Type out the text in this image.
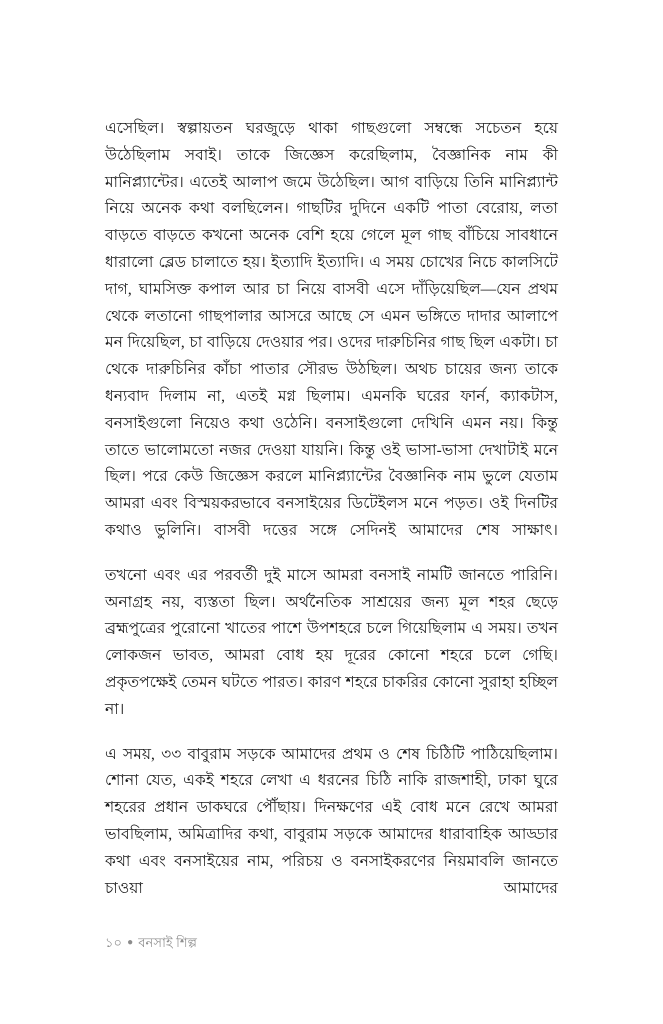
এসেছিল। স্বল্পায়তন ঘরজুড়ে থাকা গাছগুলো সম্বন্ধে সচেতন হয়ে উঠেছিলাম সবাই। তাকে জিজ্ঞেস করেছিলাম, বৈজ্ঞানিক নাম কী মানিপ্ল্যান্টের। এতেই আলাপ জমে উঠেছিল। আগ বাড়িয়ে তিনি মানিপ্ল্যান্ট নিয়ে অনেক কথা বলছিলেন। গাছটির দুদিনে একটি পাতা বেরোয়, লতা বাড়তে বাড়তে কখনো অনেক বেশি হয়ে গেলে মূল গাছ বাঁচিয়ে সাবধানে ধারালো ব্লেড চালাতে হয়। ইত্যাদি ইত্যাদি। এ সময় চোখের নিচে কালসিটে দাগ, ঘামসিক্ত কপাল আর চা নিয়ে বাসবী এসে দাঁড়িয়েছিল—যেন প্রথম থেকে লতানো গাছপালার আসরে আছে সে এমন ভঙ্গিতে দাদার আলাপে মন দিয়েছিল, চা বাড়িয়ে দেওয়ার পর। ওদের দারুচিনির গাছ ছিল একটা। চা থেকে দারুচিনির কাঁচা পাতার সৌরভ উঠছিল। অথচ চায়ের জন্য তাকে ধন্যবাদ দিলাম না, এতই মগ্ন ছিলাম। এমনকি ঘরের ফার্ন, ক্যাকটাস, বনসাইগুলো নিয়েও কথা ওঠেনি। বনসাইগুলো দেখিনি এমন নয়। কিন্তু তাতে ভালোমতো নজর দেওয়া যায়নি। কিন্তু ওই ভাসা-ভাসা দেখাটাই মনে ছিল। পরে কেউ জিজ্ঞেস করলে মানিপ্ল্যান্টের বৈজ্ঞানিক নাম ভুলে যেতাম আমরা এবং বিস্ময়করভাবে বনসাইয়ের ডিটেইলস মনে পড়ত। ওই দিনটির কথাও ভুলিনি। বাসবী দত্তের সঙ্গে সেদিনই আমাদের শেষ সাক্ষাৎ।

তখনো এবং এর পরবর্তী দুই মাসে আমরা বনসাই নামটি জানতে পারিনি। অনাগ্রহ নয়, ব্যস্ততা ছিল। অর্থনৈতিক সাশ্রয়ের জন্য মূল শহর ছেড়ে ব্রহ্মপুত্রের পুরোনো খাতের পাশে উপশহরে চলে গিয়েছিলাম এ সময়। তখন লোকজন ভাবত, আমরা বোধ হয় দূরের কোনো শহরে চলে গেছি। প্রকৃতপক্ষেই তেমন ঘটতে পারত। কারণ শহরে চাকরির কোনো সুরাহা হচ্ছিল না।

এ সময়, ৩৩ বাবুরাম সড়কে আমাদের প্রথম ও শেষ চিঠিটি পাঠিয়েছিলাম। শোনা যেত, একই শহরে লেখা এ ধরনের চিঠি নাকি রাজশাহী, ঢাকা ঘুরে শহরের প্রধান ডাকঘরে পৌঁছায়। দিনক্ষণের এই বোধ মনে রেখে আমরা ভাবছিলাম, অমিত্রাদির কথা, বাবুরাম সড়কে আমাদের ধারাবাহিক আড্ডার কথা এবং বনসাইয়ের নাম, পরিচয় ও বনসাইকরণের নিয়মাবলি জানতে চাওয়া আমাদের

১০ ● বনসাই শিল্প
